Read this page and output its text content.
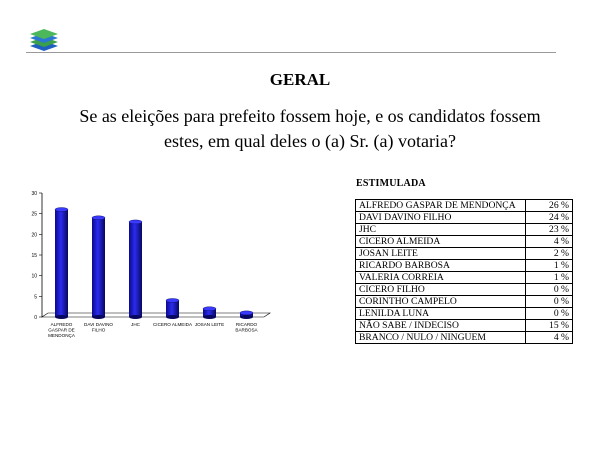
GERAL
Se as eleições para prefeito fossem hoje, e os candidatos fossem
estes, em qual deles o (a) Sr. (a) votaria?
0
5
10
15
20
25
30
ALFREDO GASPAR DE MENDONÇA
DAVI DAVINO FILHO
JHC	CICERO ALMEIDA JOSAN LEITE	RICARDO BARBOSA
ESTIMULADA
ALFREDO GASPAR DE MENDONÇA	26 %
DAVI DAVINO FILHO	24 %
JHC	23 %
CICERO ALMEIDA	4 %
JOSAN LEITE	2 %
RICARDO BARBOSA	1 %
VALERIA CORREIA	1 %
CICERO FILHO	0 %
CORINTHO CAMPELO	0 %
LENILDA LUNA	0 %
NÃO SABE / INDECISO	15 %
BRANCO / NULO / NINGUEM	4 %
